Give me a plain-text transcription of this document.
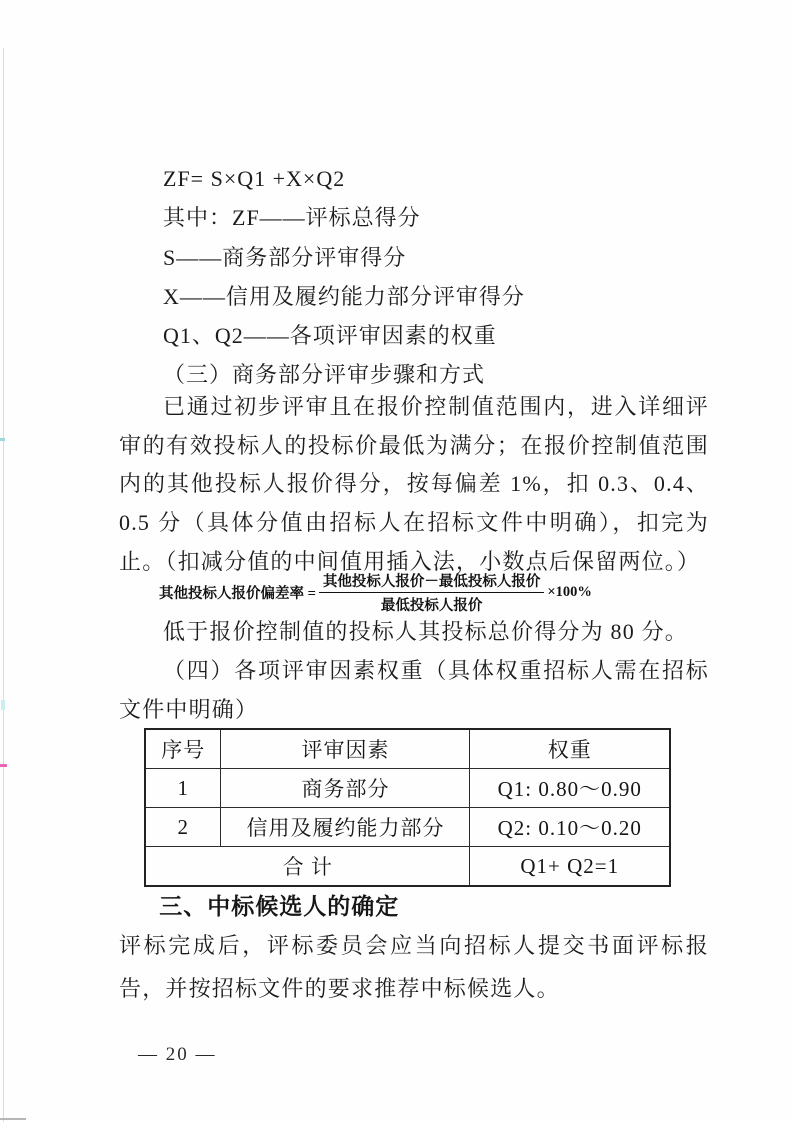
ZF= S×Q1 +X×Q2
其中：ZF——评标总得分
S——商务部分评审得分
X——信用及履约能力部分评审得分
Q1、Q2——各项评审因素的权重
（三）商务部分评审步骤和方式

已通过初步评审且在报价控制值范围内，进入详细评审的有效投标人的投标价最低为满分；在报价控制值范围内的其他投标人报价得分，按每偏差 1%，扣 0.3、0.4、0.5 分（具体分值由招标人在招标文件中明确），扣完为止。（扣减分值的中间值用插入法，小数点后保留两位。）

其他投标人报价偏差率 = $\frac{\text{其他投标人报价－最低投标人报价}}{\text{最低投标人报价}} \times 100\%$

低于报价控制值的投标人其投标总价得分为 80 分。

（四）各项评审因素权重（具体权重招标人需在招标文件中明确）

序号	评审因素	权重
1	商务部分	Q1: 0.80～0.90
2	信用及履约能力部分	Q2: 0.10～0.20
合 计		Q1+ Q2=1

三、中标候选人的确定

评标完成后，评标委员会应当向招标人提交书面评标报告，并按招标文件的要求推荐中标候选人。

— 20 —
